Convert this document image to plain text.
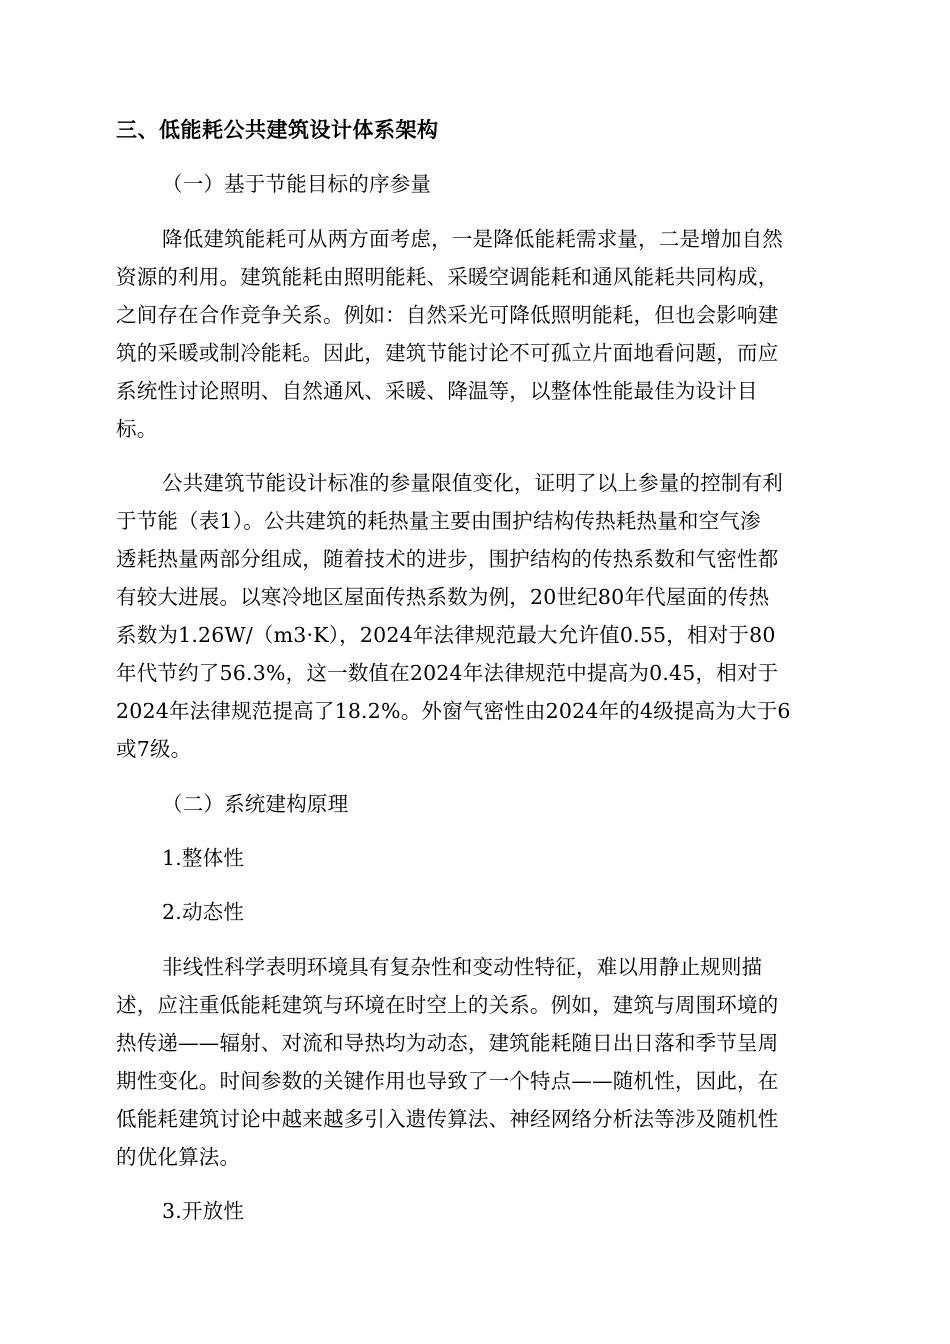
三、低能耗公共建筑设计体系架构
（一）基于节能目标的序参量
降低建筑能耗可从两方面考虑，一是降低能耗需求量，二是增加自然
资源的利用。建筑能耗由照明能耗、采暖空调能耗和通风能耗共同构成，
之间存在合作竞争关系。例如：自然采光可降低照明能耗，但也会影响建
筑的采暖或制冷能耗。因此，建筑节能讨论不可孤立片面地看问题，而应
系统性讨论照明、自然通风、采暖、降温等，以整体性能最佳为设计目
标。
公共建筑节能设计标准的参量限值变化，证明了以上参量的控制有利
于节能（表1）。公共建筑的耗热量主要由围护结构传热耗热量和空气渗
透耗热量两部分组成，随着技术的进步，围护结构的传热系数和气密性都
有较大进展。以寒冷地区屋面传热系数为例，20世纪80年代屋面的传热
系数为1.26W/（m3·K），2024年法律规范最大允许值0.55，相对于80
年代节约了56.3%，这一数值在2024年法律规范中提高为0.45，相对于
2024年法律规范提高了18.2%。外窗气密性由2024年的4级提高为大于6
或7级。
（二）系统建构原理
1.整体性
2.动态性
非线性科学表明环境具有复杂性和变动性特征，难以用静止规则描
述，应注重低能耗建筑与环境在时空上的关系。例如，建筑与周围环境的
热传递——辐射、对流和导热均为动态，建筑能耗随日出日落和季节呈周
期性变化。时间参数的关键作用也导致了一个特点——随机性，因此，在
低能耗建筑讨论中越来越多引入遗传算法、神经网络分析法等涉及随机性
的优化算法。
3.开放性
